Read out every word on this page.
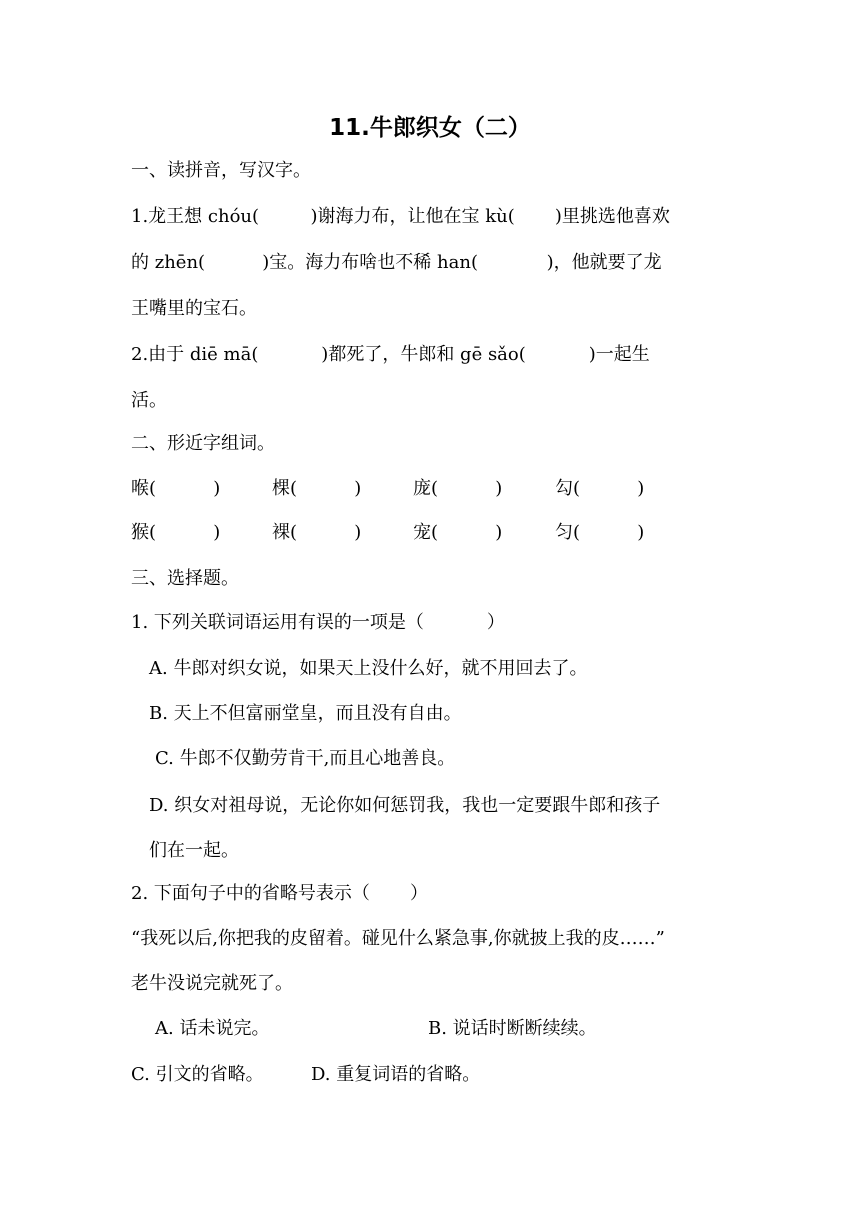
11.牛郎织女（二）
一、读拼音，写汉字。
1.龙王想 chóu(         )谢海力布，让他在宝 kù(       )里挑选他喜欢
的 zhēn(          )宝。海力布啥也不稀 han(            )，他就要了龙
王嘴里的宝石。
2.由于 diē mā(           )都死了，牛郎和 gē sǎo(           )一起生
活。
二、形近字组词。
喉(          )	棵(          )	庞(          )	勾(          )
猴(          )	裸(          )	宠(          )	匀(          )
三、选择题。
1. 下列关联词语运用有误的一项是（           ）
A. 牛郎对织女说，如果天上没什么好，就不用回去了。
B. 天上不但富丽堂皇，而且没有自由。
C. 牛郎不仅勤劳肯干,而且心地善良。
D. 织女对祖母说，无论你如何惩罚我，我也一定要跟牛郎和孩子
们在一起。
2. 下面句子中的省略号表示（       ）
“我死以后,你把我的皮留着。碰见什么紧急事,你就披上我的皮……”
老牛没说完就死了。
A. 话未说完。	B. 说话时断断续续。
C. 引文的省略。	D. 重复词语的省略。
